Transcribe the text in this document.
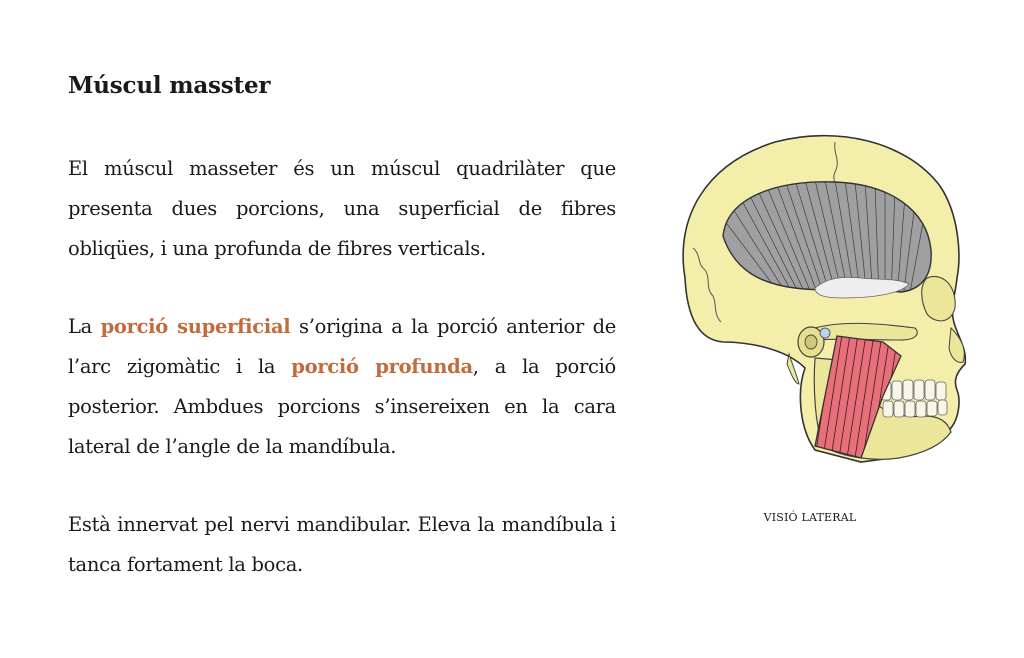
Múscul masster

El múscul masseter és un múscul quadrilàter que presenta dues porcions, una superficial de fibres obliqües, i una profunda de fibres verticals.

La porció superficial s’origina a la porció anterior de l’arc zigomàtic i la porció profunda, a la porció posterior. Ambdues porcions s’insereixen en la cara lateral de l’angle de la mandíbula.

Està innervat pel nervi mandibular. Eleva la mandíbula i tanca fortament la boca.

VISIÓ LATERAL
